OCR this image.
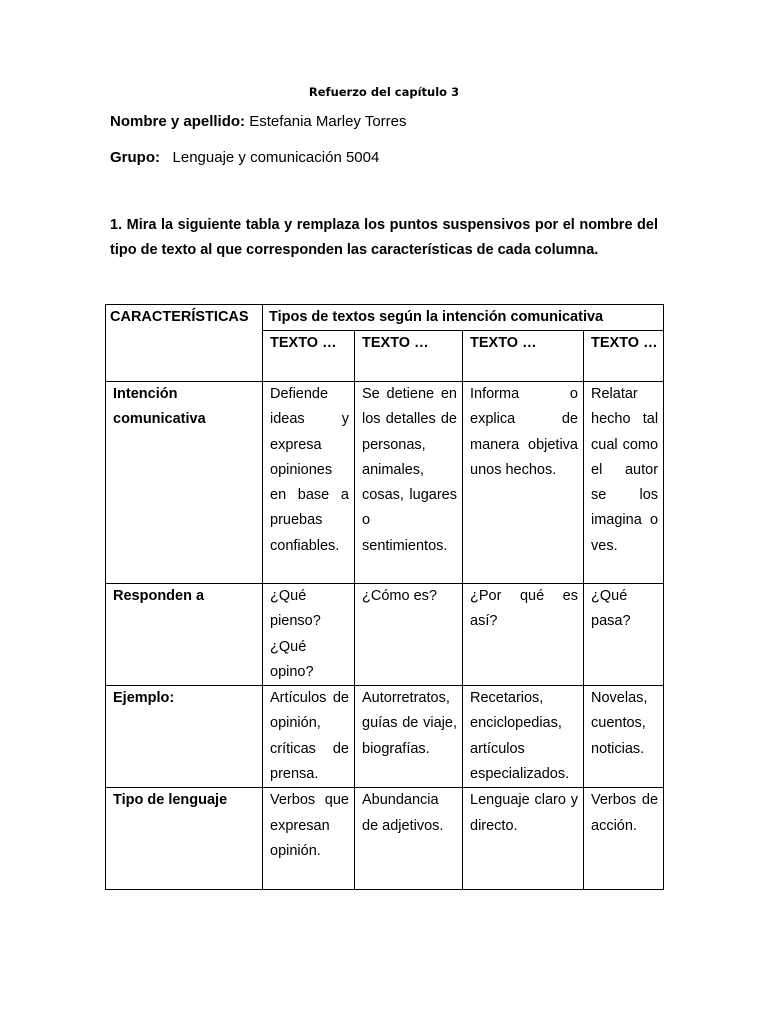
Refuerzo del capítulo 3
Nombre y apellido: Estefania Marley Torres
Grupo: Lenguaje y comunicación 5004
1. Mira la siguiente tabla y remplaza los puntos suspensivos por el nombre del tipo de texto al que corresponden las características de cada columna.
CARACTERÍSTICAS	Tipos de textos según la intención comunicativa			
	TEXTO …	TEXTO …	TEXTO …	TEXTO …
Intención comunicativa	Defiende ideas y expresa opiniones en base a pruebas confiables.	Se detiene en los detalles de personas, animales, cosas, lugares o sentimientos.	Informa o explica de manera objetiva unos hechos.	Relatar hecho tal cual como el autor se los imagina o ves.
Responden a	¿Qué pienso? ¿Qué opino?	¿Cómo es?	¿Por qué es así?	¿Qué pasa?
Ejemplo:	Artículos de opinión, críticas de prensa.	Autorretratos, guías de viaje, biografías.	Recetarios, enciclopedias, artículos especializados.	Novelas, cuentos, noticias.
Tipo de lenguaje	Verbos que expresan opinión.	Abundancia de adjetivos.	Lenguaje claro y directo.	Verbos de acción.
